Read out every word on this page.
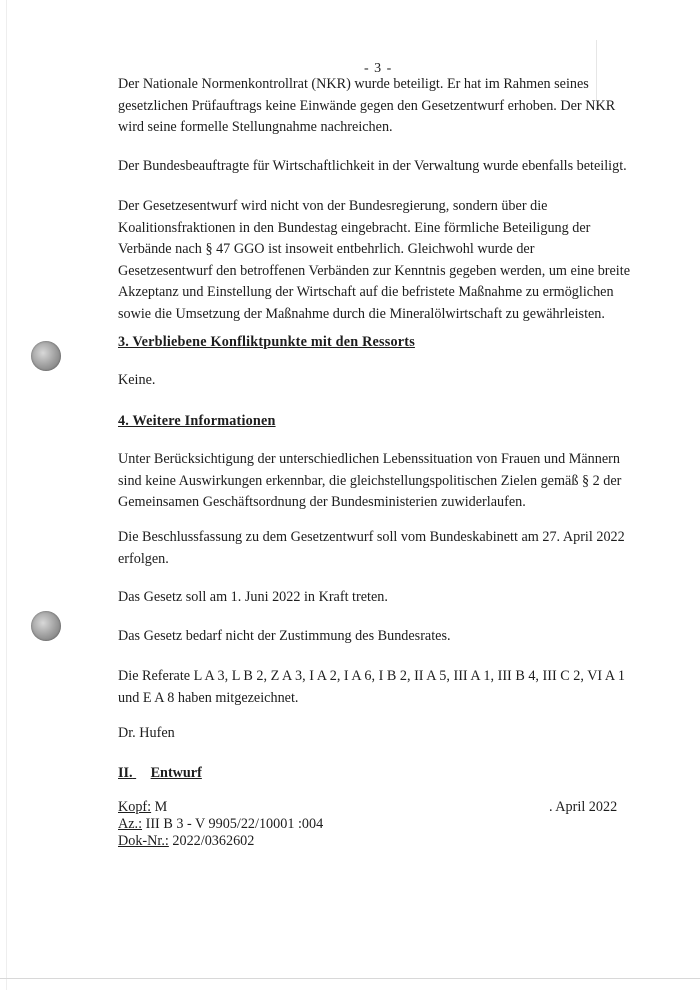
- 3 -

Der Nationale Normenkontrollrat (NKR) wurde beteiligt. Er hat im Rahmen seines gesetzlichen Prüfauftrags keine Einwände gegen den Gesetzentwurf erhoben. Der NKR wird seine formelle Stellungnahme nachreichen.

Der Bundesbeauftragte für Wirtschaftlichkeit in der Verwaltung wurde ebenfalls beteiligt.

Der Gesetzesentwurf wird nicht von der Bundesregierung, sondern über die Koalitionsfraktionen in den Bundestag eingebracht. Eine förmliche Beteiligung der Verbände nach § 47 GGO ist insoweit entbehrlich. Gleichwohl wurde der Gesetzesentwurf den betroffenen Verbänden zur Kenntnis gegeben werden, um eine breite Akzeptanz und Einstellung der Wirtschaft auf die befristete Maßnahme zu ermöglichen sowie die Umsetzung der Maßnahme durch die Mineralölwirtschaft zu gewährleisten.

3. Verbliebene Konfliktpunkte mit den Ressorts

Keine.

4. Weitere Informationen

Unter Berücksichtigung der unterschiedlichen Lebenssituation von Frauen und Männern sind keine Auswirkungen erkennbar, die gleichstellungspolitischen Zielen gemäß § 2 der Gemeinsamen Geschäftsordnung der Bundesministerien zuwiderlaufen.

Die Beschlussfassung zu dem Gesetzentwurf soll vom Bundeskabinett am 27. April 2022 erfolgen.

Das Gesetz soll am 1. Juni 2022 in Kraft treten.

Das Gesetz bedarf nicht der Zustimmung des Bundesrates.

Die Referate L A 3, L B 2, Z A 3, I A 2, I A 6, I B 2, II A 5, III A 1, III B 4, III C 2, VI A 1 und E A 8 haben mitgezeichnet.

Dr. Hufen
II. Entwurf
Kopf: M
Az.: III B 3 - V 9905/22/10001 :004
Dok-Nr.: 2022/0362602
. April 2022
